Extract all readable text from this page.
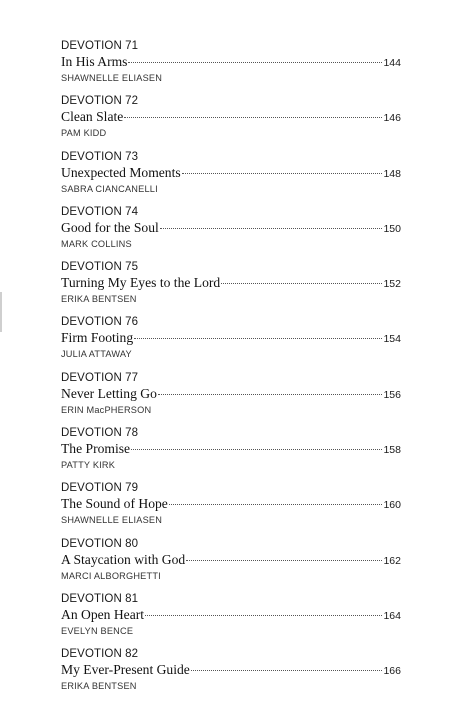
DEVOTION 71
In His Arms	144
SHAWNELLE ELIASEN
DEVOTION 72
Clean Slate	146
PAM KIDD
DEVOTION 73
Unexpected Moments	148
SABRA CIANCANELLI
DEVOTION 74
Good for the Soul	150
MARK COLLINS
DEVOTION 75
Turning My Eyes to the Lord	152
ERIKA BENTSEN
DEVOTION 76
Firm Footing	154
JULIA ATTAWAY
DEVOTION 77
Never Letting Go	156
ERIN MacPHERSON
DEVOTION 78
The Promise	158
PATTY KIRK
DEVOTION 79
The Sound of Hope	160
SHAWNELLE ELIASEN
DEVOTION 80
A Staycation with God	162
MARCI ALBORGHETTI
DEVOTION 81
An Open Heart	164
EVELYN BENCE
DEVOTION 82
My Ever-Present Guide	166
ERIKA BENTSEN
